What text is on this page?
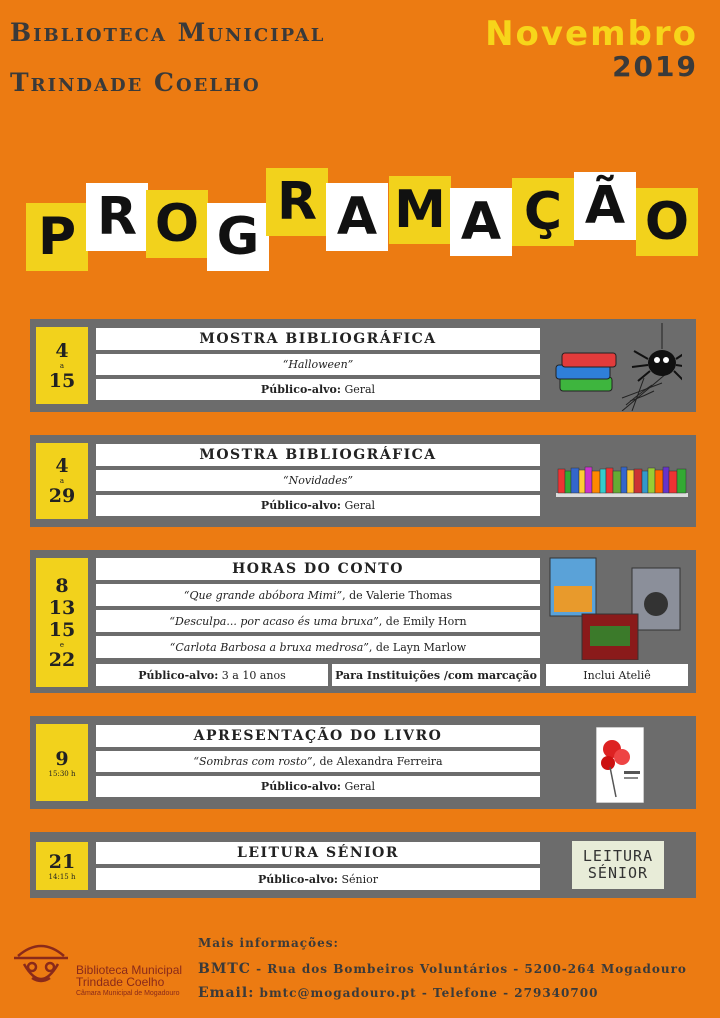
Biblioteca Municipal
Trindade Coelho
Novembro
2019
P R O G
R A M A Ç Ã O
4
a
15
MOSTRA BIBLIOGRÁFICA
“Halloween”
Público-alvo:
Geral
4
a
29
MOSTRA BIBLIOGRÁFICA
“Novidades”
Público-alvo:
Geral
8
13
15
e
22
HORAS DO CONTO
“Que grande abóbora Mimi” , de Valerie Thomas
“Desculpa... por acaso és uma bruxa” , de Emily Horn
“Carlota Barbosa a bruxa medrosa” , de Layn Marlow
Público-alvo:
3 a 10 anos	Para Instituições /com marcação	Inclui Ateliê
9
15:30 h
APRESENTAÇÃO DO LIVRO
“Sombras com rosto” , de Alexandra Ferreira
Público-alvo:
Geral
21
14:15 h
LEITURA SÉNIOR
Público-alvo:
Sénior
LEITURA
SÉNIOR
Biblioteca Municipal
Trindade Coelho
Câmara Municipal de Mogadouro
Mais informações:
BMTC - Rua dos Bombeiros Voluntários - 5200-264 Mogadouro
Email: bmtc@mogadouro.pt - Telefone - 279340700
